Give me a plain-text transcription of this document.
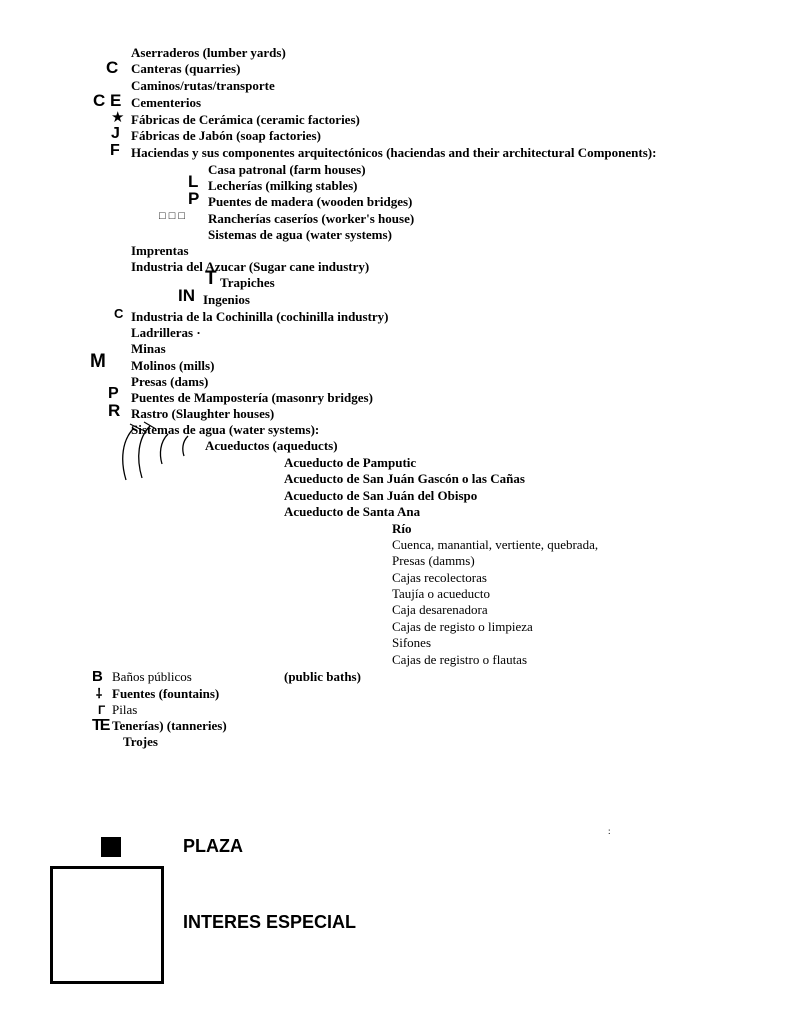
C
C E
★
J
F
L
P
□ □ □
T
IN
C
M
P
R
B
⸸
Γ
TE
Aserraderos (lumber yards)
Canteras (quarries)
Caminos/rutas/transporte
Cementerios
Fábricas de Cerámica (ceramic factories)
Fábricas de Jabón (soap factories)
Haciendas y sus componentes arquitectónicos (haciendas and their architectural Components):
Casa patronal (farm houses)
Lecherías (milking stables)
Puentes de madera (wooden bridges)
Rancherías caseríos (worker's house)
Sistemas de agua (water systems)
Imprentas
Industria del Azucar (Sugar cane industry)
Trapiches
Ingenios
Industria de la Cochinilla (cochinilla industry)
Ladrilleras ·
Minas
Molinos (mills)
Presas (dams)
Puentes de Mampostería (masonry bridges)
Rastro (Slaughter houses)
Sistemas de agua (water systems):
Acueductos (aqueducts)
Acueducto de Pamputic
Acueducto de San Juán Gascón o las Cañas
Acueducto de San Juán del Obispo
Acueducto de Santa Ana
Río
Cuenca, manantial, vertiente, quebrada,
Presas (damms)
Cajas recolectoras
Taujía o acueducto
Caja desarenadora
Cajas de registo o limpieza
Sifones
Cajas de registro o flautas
Baños públicos	(public baths)
Fuentes (fountains)
Pilas
Tenerías) (tanneries)
Trojes
:
PLAZA
INTERES ESPECIAL
